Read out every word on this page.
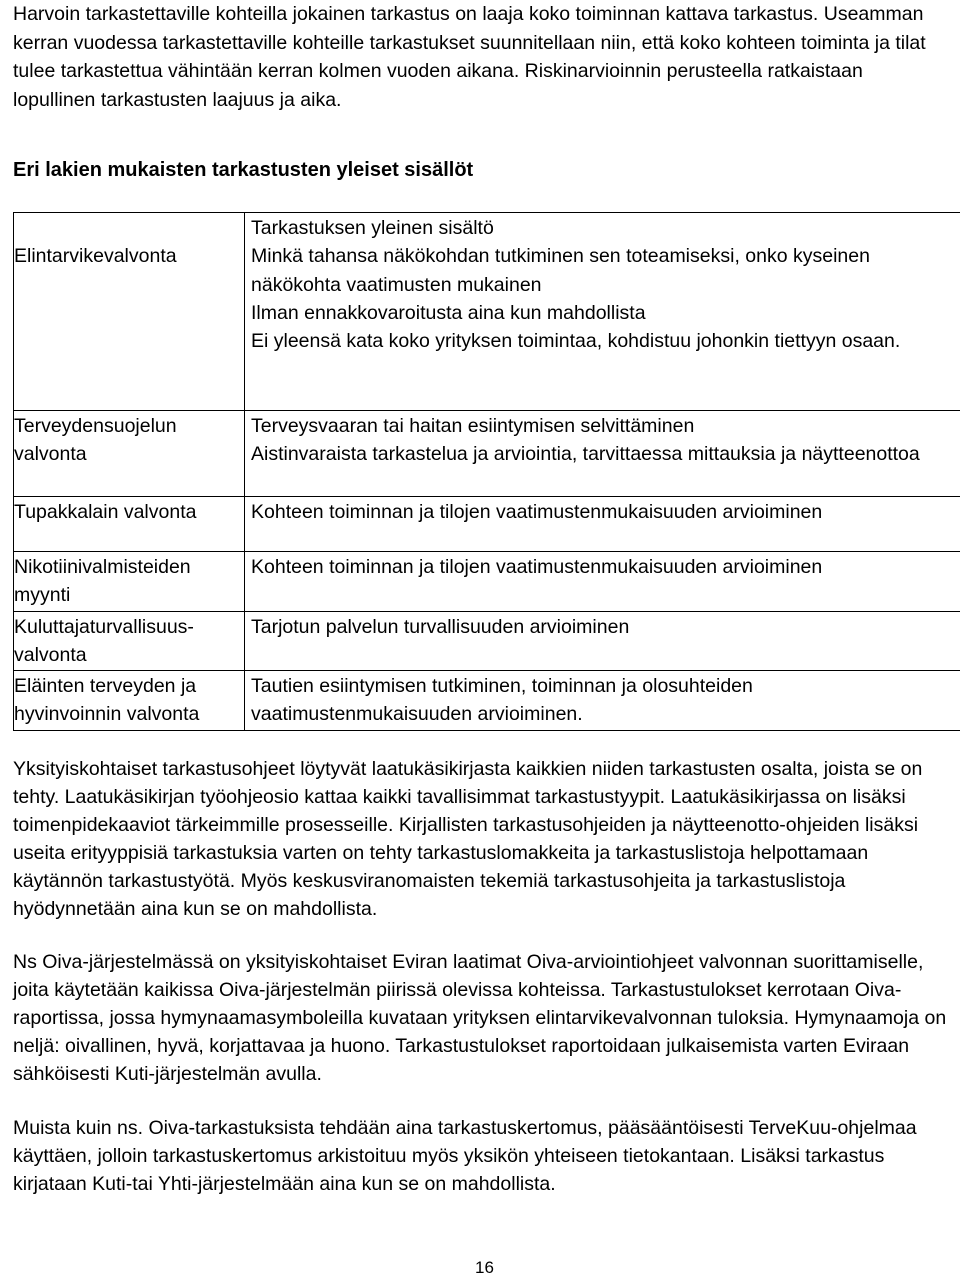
Harvoin tarkastettaville kohteilla jokainen tarkastus on laaja koko toiminnan kattava tarkastus. Useamman kerran vuodessa tarkastettaville kohteille tarkastukset suunnitellaan niin, että koko kohteen toiminta ja tilat tulee tarkastettua vähintään kerran kolmen vuoden aikana. Riskinarvioinnin perusteella ratkaistaan lopullinen tarkastusten laajuus ja aika.

Eri lakien mukaisten tarkastusten yleiset sisällöt
Elintarvikevalvonta	Tarkastuksen yleinen sisältö
Minkä tahansa näkökohdan tutkiminen sen toteamiseksi, onko kyseinen näkökohta vaatimusten mukainen
Ilman ennakkovaroitusta aina kun mahdollista
Ei yleensä kata koko yrityksen toimintaa, kohdistuu johonkin tiettyyn osaan.

Terveydensuojelun valvonta	Terveysvaaran tai haitan esiintymisen selvittäminen
Aistinvaraista tarkastelua ja arviointia, tarvittaessa mittauksia ja näytteenottoa

Tupakkalain valvonta	Kohteen toiminnan ja tilojen vaatimustenmukaisuuden arvioiminen

Nikotiinivalmisteiden myynti	Kohteen toiminnan ja tilojen vaatimustenmukaisuuden arvioiminen

Kuluttajaturvallisuus-valvonta	Tarjotun palvelun turvallisuuden arvioiminen

Eläinten terveyden ja hyvinvoinnin valvonta	Tautien esiintymisen tutkiminen, toiminnan ja olosuhteiden vaatimustenmukaisuuden arvioiminen.

Yksityiskohtaiset tarkastusohjeet löytyvät laatukäsikirjasta kaikkien niiden tarkastusten osalta, joista se on tehty. Laatukäsikirjan työohjeosio kattaa kaikki tavallisimmat tarkastustyypit. Laatukäsikirjassa on lisäksi toimenpidekaaviot tärkeimmille prosesseille. Kirjallisten tarkastusohjeiden ja näytteenotto-ohjeiden lisäksi useita erityyppisiä tarkastuksia varten on tehty tarkastuslomakkeita ja tarkastuslistoja helpottamaan käytännön tarkastustyötä. Myös keskusviranomaisten tekemiä tarkastusohjeita ja tarkastuslistoja hyödynnetään aina kun se on mahdollista.

Ns Oiva-järjestelmässä on yksityiskohtaiset Eviran laatimat Oiva-arviointiohjeet valvonnan suorittamiselle, joita käytetään kaikissa Oiva-järjestelmän piirissä olevissa kohteissa. Tarkastustulokset kerrotaan Oiva-raportissa, jossa hymynaamasymboleilla kuvataan yrityksen elintarvikevalvonnan tuloksia. Hymynaamoja on neljä: oivallinen, hyvä, korjattavaa ja huono. Tarkastustulokset raportoidaan julkaisemista varten Eviraan sähköisesti Kuti-järjestelmän avulla.

Muista kuin ns. Oiva-tarkastuksista tehdään aina tarkastuskertomus, pääsääntöisesti TerveKuu-ohjelmaa käyttäen, jolloin tarkastuskertomus arkistoituu myös yksikön yhteiseen tietokantaan. Lisäksi tarkastus kirjataan Kuti-tai Yhti-järjestelmään aina kun se on mahdollista.

16
